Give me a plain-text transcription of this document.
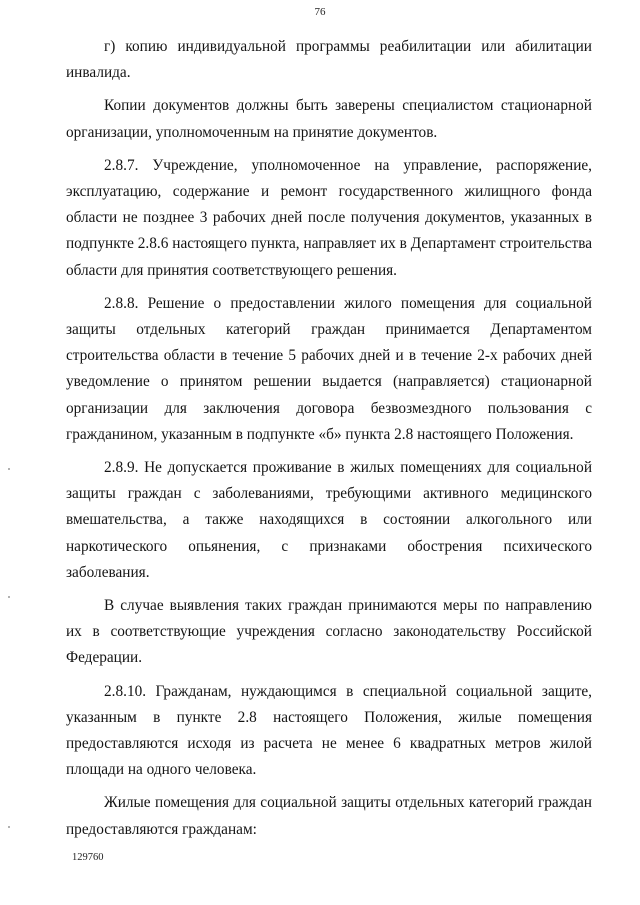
76

г) копию индивидуальной программы реабилитации или абилитации инвалида.

Копии документов должны быть заверены специалистом стационарной организации, уполномоченным на принятие документов.

2.8.7. Учреждение, уполномоченное на управление, распоряжение, эксплуатацию, содержание и ремонт государственного жилищного фонда области не позднее 3 рабочих дней после получения документов, указанных в подпункте 2.8.6 настоящего пункта, направляет их в Департамент строительства области для принятия соответствующего решения.

2.8.8. Решение о предоставлении жилого помещения для социальной защиты отдельных категорий граждан принимается Департаментом строительства области в течение 5 рабочих дней и в течение 2-х рабочих дней уведомление о принятом решении выдается (направляется) стационарной организации для заключения договора безвозмездного пользования с гражданином, указанным в подпункте «б» пункта 2.8 настоящего Положения.

2.8.9. Не допускается проживание в жилых помещениях для социальной защиты граждан с заболеваниями, требующими активного медицинского вмешательства, а также находящихся в состоянии алкогольного или наркотического опьянения, с признаками обострения психического заболевания.

В случае выявления таких граждан принимаются меры по направлению их в соответствующие учреждения согласно законодательству Российской Федерации.

2.8.10. Гражданам, нуждающимся в специальной социальной защите, указанным в пункте 2.8 настоящего Положения, жилые помещения предоставляются исходя из расчета не менее 6 квадратных метров жилой площади на одного человека.

Жилые помещения для социальной защиты отдельных категорий граждан предоставляются гражданам:

129760
